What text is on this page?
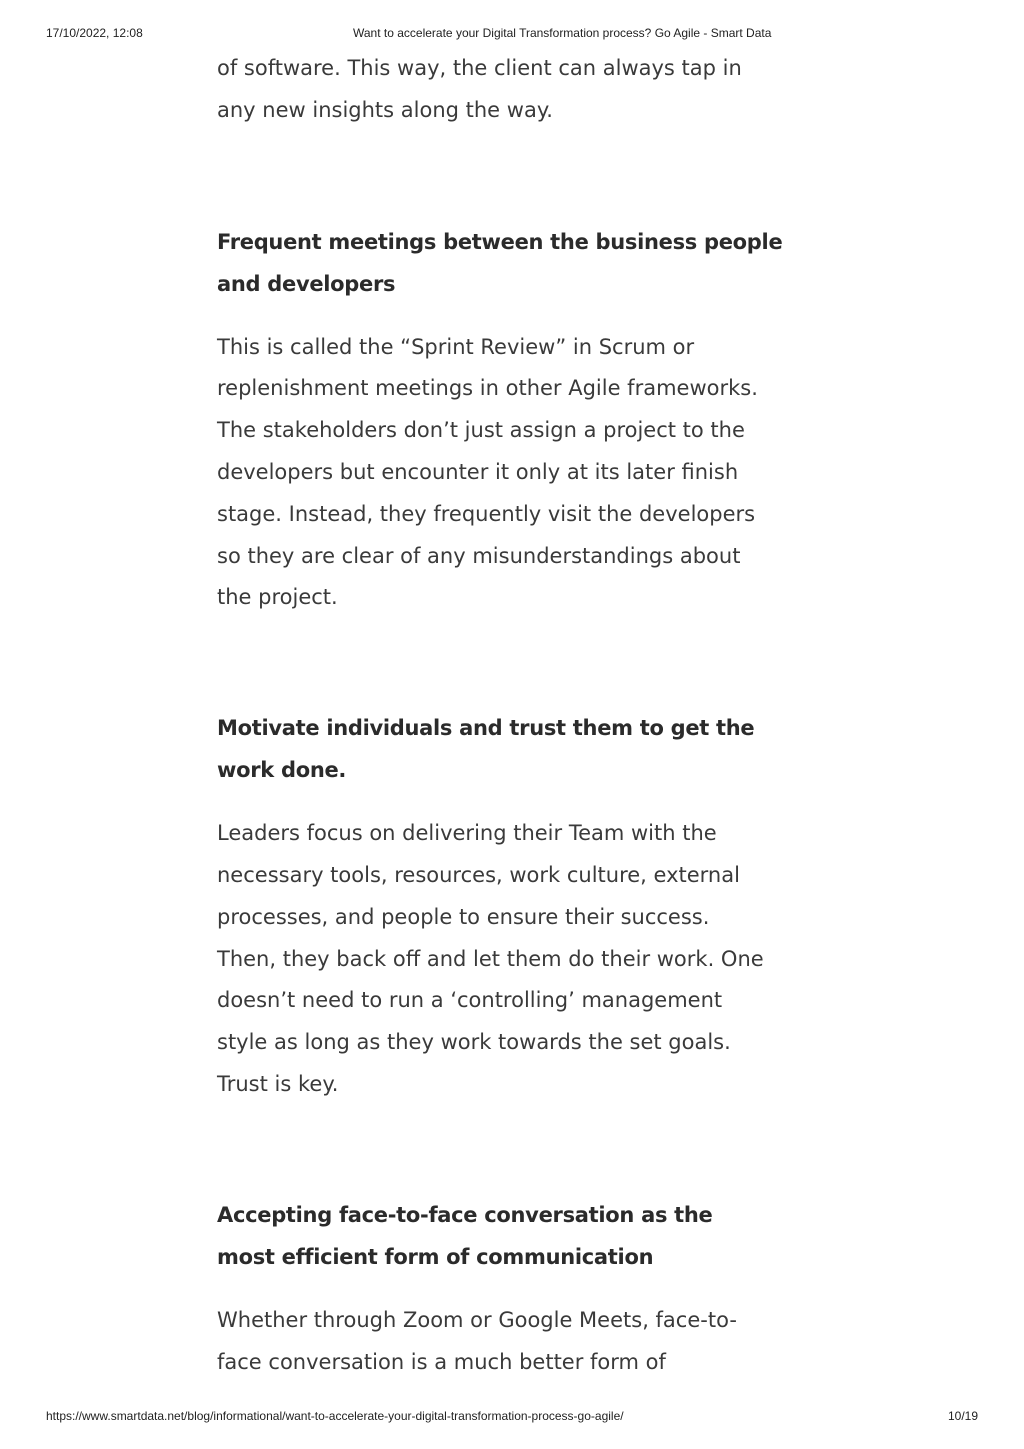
17/10/2022, 12:08	Want to accelerate your Digital Transformation process? Go Agile - Smart Data

of software. This way, the client can always tap in

any new insights along the way.

Frequent meetings between the business people
and developers

This is called the “Sprint Review” in Scrum or

replenishment meetings in other Agile frameworks.

The stakeholders don’t just assign a project to the

developers but encounter it only at its later finish

stage. Instead, they frequently visit the developers

so they are clear of any misunderstandings about

the project.

Motivate individuals and trust them to get the
work done.

Leaders focus on delivering their Team with the

necessary tools, resources, work culture, external

processes, and people to ensure their success.

Then, they back off and let them do their work. One

doesn’t need to run a ‘controlling’ management

style as long as they work towards the set goals.

Trust is key.

Accepting face-to-face conversation as the
most efficient form of communication

Whether through Zoom or Google Meets, face-to-

face conversation is a much better form of

https://www.smartdata.net/blog/informational/want-to-accelerate-your-digital-transformation-process-go-agile/	10/19
